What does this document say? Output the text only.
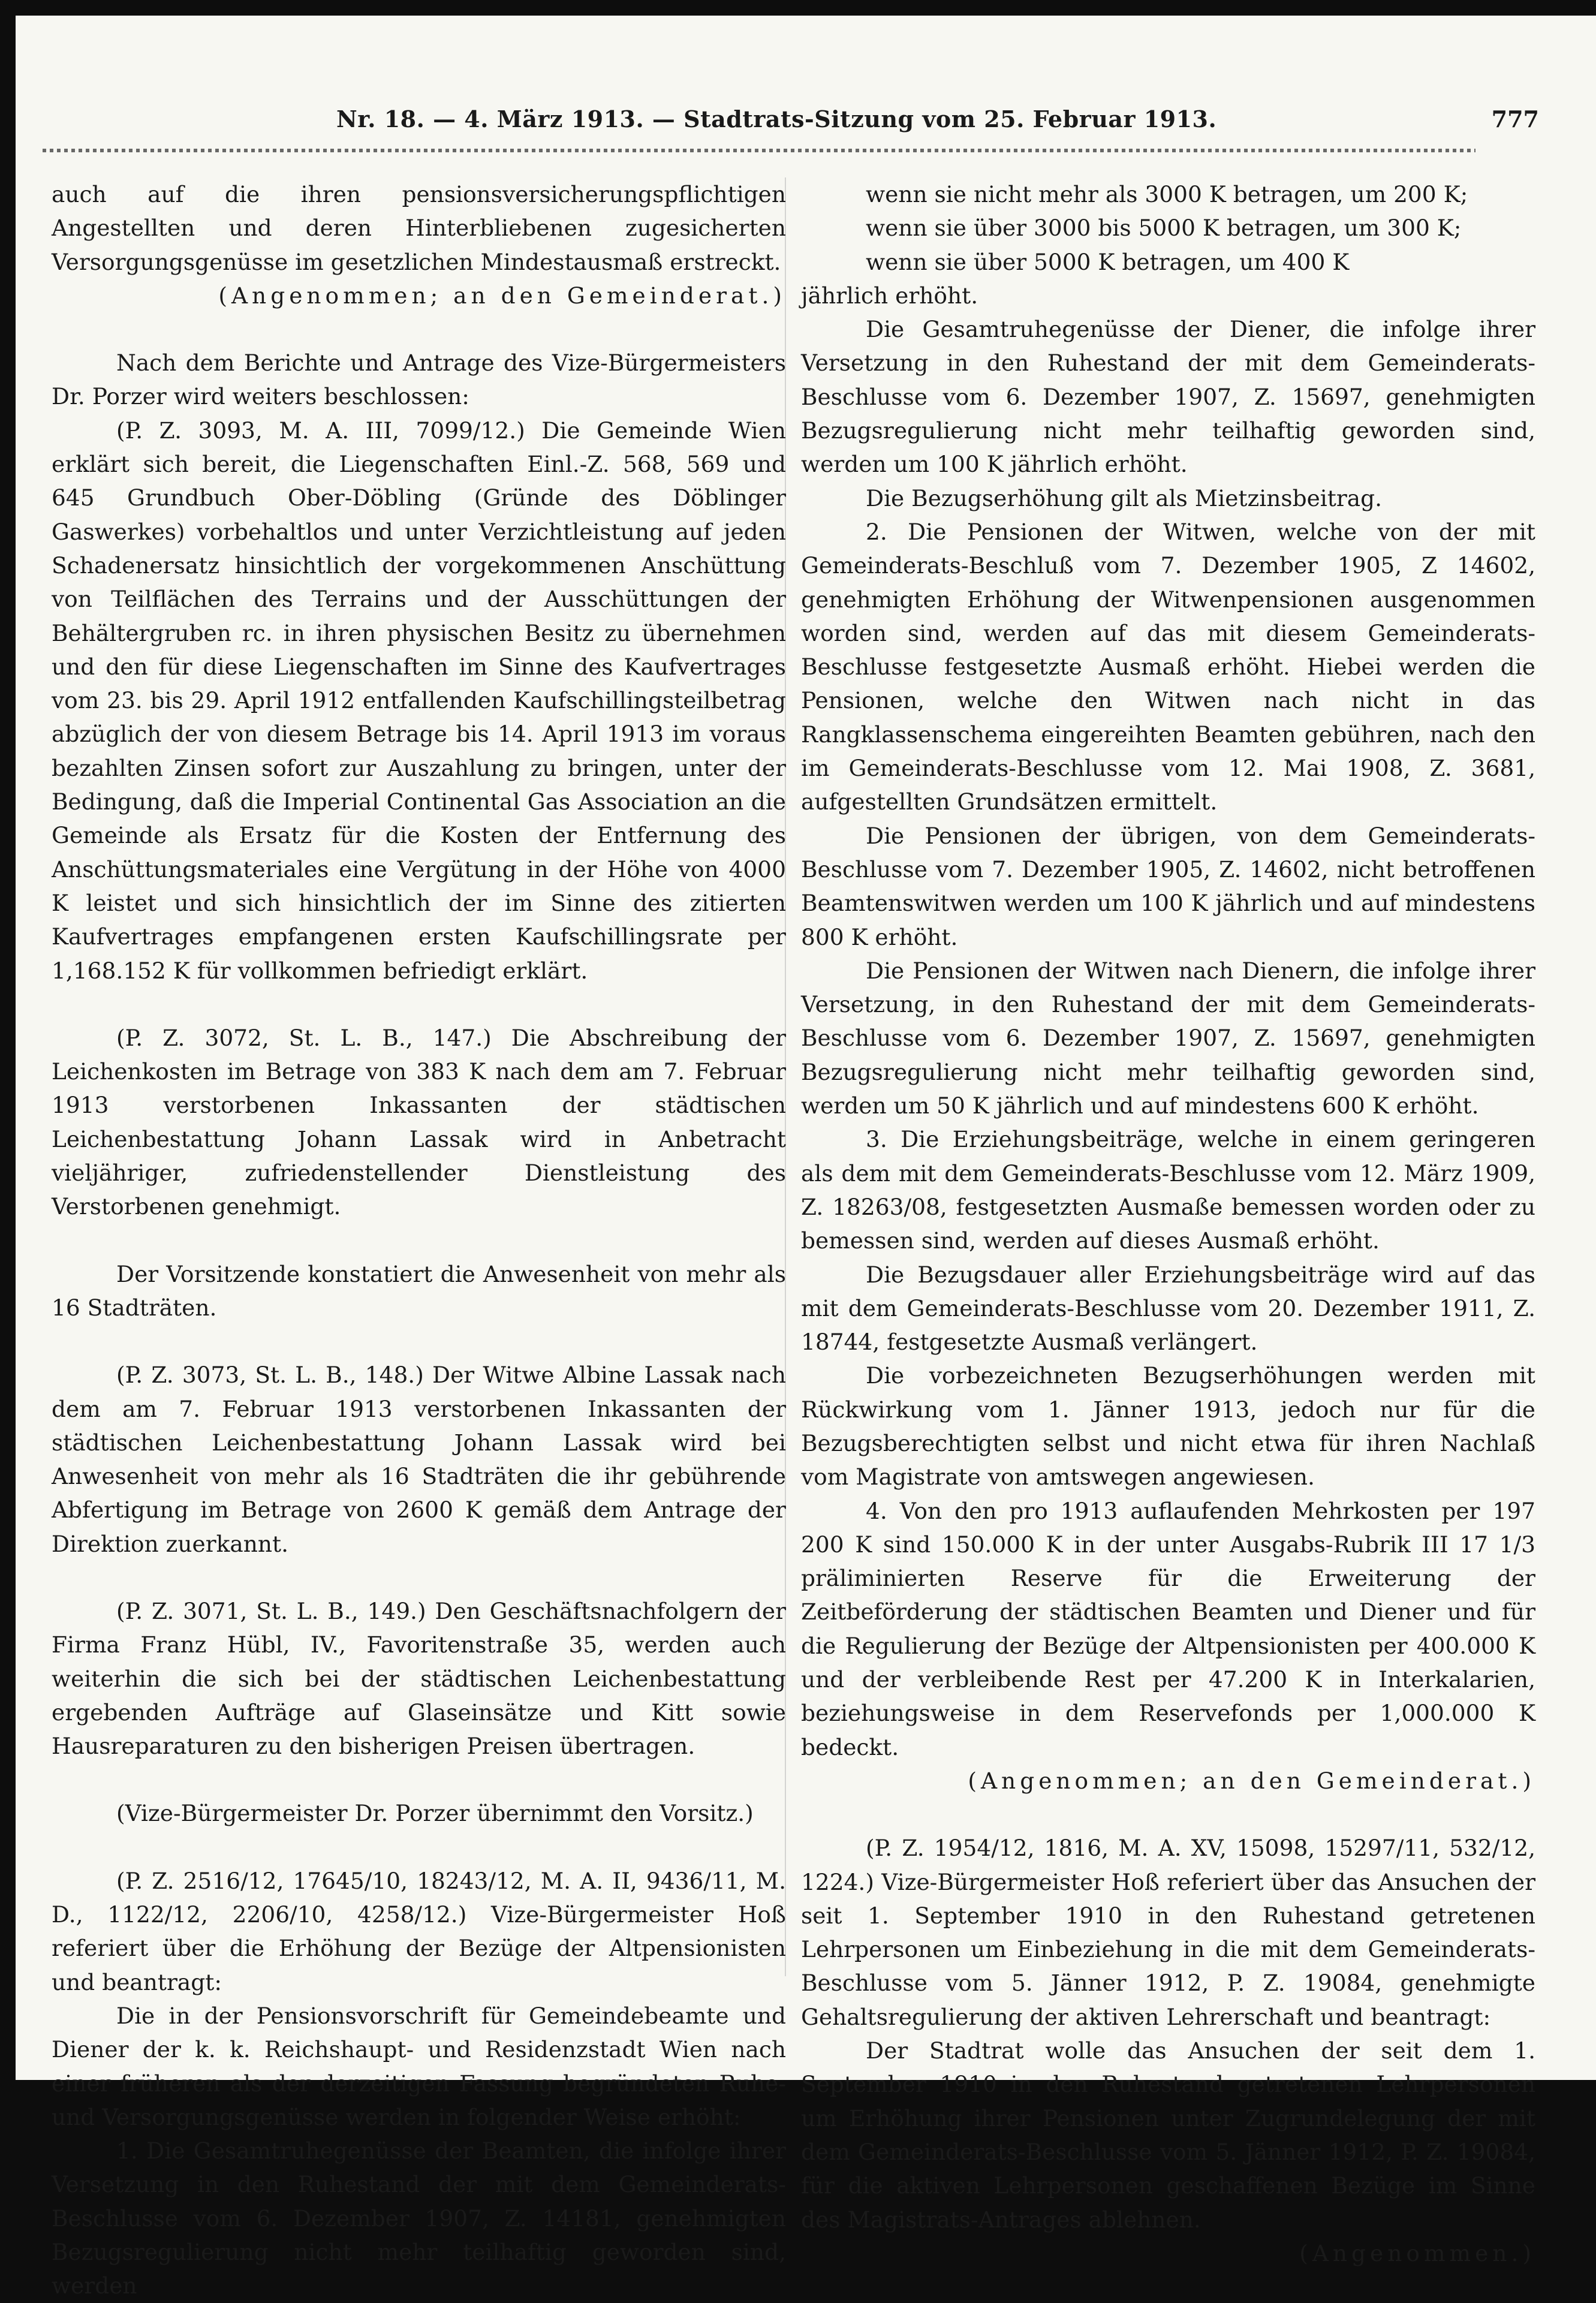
Nr. 18. — 4. März 1913. — Stadtrats-Sitzung vom 25. Februar 1913.	777

auch auf die ihren pensionsversicherungspflichtigen Angestellten und deren Hinterbliebenen zugesicherten Versorgungsgenüsse im gesetzlichen Mindestausmaß erstreckt.

(Angenommen; an den Gemeinderat.)

Nach dem Berichte und Antrage des Vize-Bürgermeisters Dr. Porzer wird weiters beschlossen:

(P. Z. 3093, M. A. III, 7099/12.) Die Gemeinde Wien erklärt sich bereit, die Liegenschaften Einl.-Z. 568, 569 und 645 Grundbuch Ober-Döbling (Gründe des Döblinger Gaswerkes) vorbehaltlos und unter Verzichtleistung auf jeden Schadenersatz hinsichtlich der vorgekommenen Anschüttung von Teilflächen des Terrains und der Ausschüttungen der Behältergruben rc. in ihren physischen Besitz zu übernehmen und den für diese Liegenschaften im Sinne des Kaufvertrages vom 23. bis 29. April 1912 entfallenden Kaufschillingsteilbetrag abzüglich der von diesem Betrage bis 14. April 1913 im voraus bezahlten Zinsen sofort zur Auszahlung zu bringen, unter der Bedingung, daß die Imperial Continental Gas Association an die Gemeinde als Ersatz für die Kosten der Entfernung des Anschüttungsmateriales eine Vergütung in der Höhe von 4000 K leistet und sich hinsichtlich der im Sinne des zitierten Kaufvertrages empfangenen ersten Kaufschillingsrate per 1,168.152 K für vollkommen befriedigt erklärt.

(P. Z. 3072, St. L. B., 147.) Die Abschreibung der Leichenkosten im Betrage von 383 K nach dem am 7. Februar 1913 verstorbenen Inkassanten der städtischen Leichenbestattung Johann Lassak wird in Anbetracht vieljähriger, zufriedenstellender Dienstleistung des Verstorbenen genehmigt.

Der Vorsitzende konstatiert die Anwesenheit von mehr als 16 Stadträten.

(P. Z. 3073, St. L. B., 148.) Der Witwe Albine Lassak nach dem am 7. Februar 1913 verstorbenen Inkassanten der städtischen Leichenbestattung Johann Lassak wird bei Anwesenheit von mehr als 16 Stadträten die ihr gebührende Abfertigung im Betrage von 2600 K gemäß dem Antrage der Direktion zuerkannt.

(P. Z. 3071, St. L. B., 149.) Den Geschäftsnachfolgern der Firma Franz Hübl, IV., Favoritenstraße 35, werden auch weiterhin die sich bei der städtischen Leichenbestattung ergebenden Aufträge auf Glaseinsätze und Kitt sowie Hausreparaturen zu den bisherigen Preisen übertragen.

(Vize-Bürgermeister Dr. Porzer übernimmt den Vorsitz.)

(P. Z. 2516/12, 17645/10, 18243/12, M. A. II, 9436/11, M. D., 1122/12, 2206/10, 4258/12.) Vize-Bürgermeister Hoß referiert über die Erhöhung der Bezüge der Altpensionisten und beantragt:

Die in der Pensionsvorschrift für Gemeindebeamte und Diener der k. k. Reichshaupt- und Residenzstadt Wien nach einer früheren als der derzeitigen Fassung begründeten Ruhe- und Versorgungsgenüsse werden in folgender Weise erhöht:

1. Die Gesamtruhegenüsse der Beamten, die infolge ihrer Versetzung in den Ruhestand der mit dem Gemeinderats-Beschlusse vom 6. Dezember 1907, Z. 14181, genehmigten Bezugsregulierung nicht mehr teilhaftig geworden sind, werden

wenn sie nicht mehr als 3000 K betragen, um 200 K;

wenn sie über 3000 bis 5000 K betragen, um 300 K;

wenn sie über 5000 K betragen, um 400 K

jährlich erhöht.

Die Gesamtruhegenüsse der Diener, die infolge ihrer Versetzung in den Ruhestand der mit dem Gemeinderats-Beschlusse vom 6. Dezember 1907, Z. 15697, genehmigten Bezugsregulierung nicht mehr teilhaftig geworden sind, werden um 100 K jährlich erhöht.

Die Bezugserhöhung gilt als Mietzinsbeitrag.

2. Die Pensionen der Witwen, welche von der mit Gemeinderats-Beschluß vom 7. Dezember 1905, Z 14602, genehmigten Erhöhung der Witwenpensionen ausgenommen worden sind, werden auf das mit diesem Gemeinderats-Beschlusse festgesetzte Ausmaß erhöht. Hiebei werden die Pensionen, welche den Witwen nach nicht in das Rangklassenschema eingereihten Beamten gebühren, nach den im Gemeinderats-Beschlusse vom 12. Mai 1908, Z. 3681, aufgestellten Grundsätzen ermittelt.

Die Pensionen der übrigen, von dem Gemeinderats-Beschlusse vom 7. Dezember 1905, Z. 14602, nicht betroffenen Beamtenswitwen werden um 100 K jährlich und auf mindestens 800 K erhöht.

Die Pensionen der Witwen nach Dienern, die infolge ihrer Versetzung, in den Ruhestand der mit dem Gemeinderats-Beschlusse vom 6. Dezember 1907, Z. 15697, genehmigten Bezugsregulierung nicht mehr teilhaftig geworden sind, werden um 50 K jährlich und auf mindestens 600 K erhöht.

3. Die Erziehungsbeiträge, welche in einem geringeren als dem mit dem Gemeinderats-Beschlusse vom 12. März 1909, Z. 18263/08, festgesetzten Ausmaße bemessen worden oder zu bemessen sind, werden auf dieses Ausmaß erhöht.

Die Bezugsdauer aller Erziehungsbeiträge wird auf das mit dem Gemeinderats-Beschlusse vom 20. Dezember 1911, Z. 18744, festgesetzte Ausmaß verlängert.

Die vorbezeichneten Bezugserhöhungen werden mit Rückwirkung vom 1. Jänner 1913, jedoch nur für die Bezugsberechtigten selbst und nicht etwa für ihren Nachlaß vom Magistrate von amtswegen angewiesen.

4. Von den pro 1913 auflaufenden Mehrkosten per 197 200 K sind 150.000 K in der unter Ausgabs-Rubrik III 17 1/3 präliminierten Reserve für die Erweiterung der Zeitbeförderung der städtischen Beamten und Diener und für die Regulierung der Bezüge der Altpensionisten per 400.000 K und der verbleibende Rest per 47.200 K in Interkalarien, beziehungsweise in dem Reservefonds per 1,000.000 K bedeckt.

(Angenommen; an den Gemeinderat.)

(P. Z. 1954/12, 1816, M. A. XV, 15098, 15297/11, 532/12, 1224.) Vize-Bürgermeister Hoß referiert über das Ansuchen der seit 1. September 1910 in den Ruhestand getretenen Lehrpersonen um Einbeziehung in die mit dem Gemeinderats-Beschlusse vom 5. Jänner 1912, P. Z. 19084, genehmigte Gehaltsregulierung der aktiven Lehrerschaft und beantragt:

Der Stadtrat wolle das Ansuchen der seit dem 1. September 1910 in den Ruhestand getretenen Lehrpersonen um Erhöhung ihrer Pensionen unter Zugrundelegung der mit dem Gemeinderats-Beschlusse vom 5. Jänner 1912, P. Z. 19084, für die aktiven Lehrpersonen geschaffenen Bezüge im Sinne des Magistrats-Antrages ablehnen.

(Angenommen.)
